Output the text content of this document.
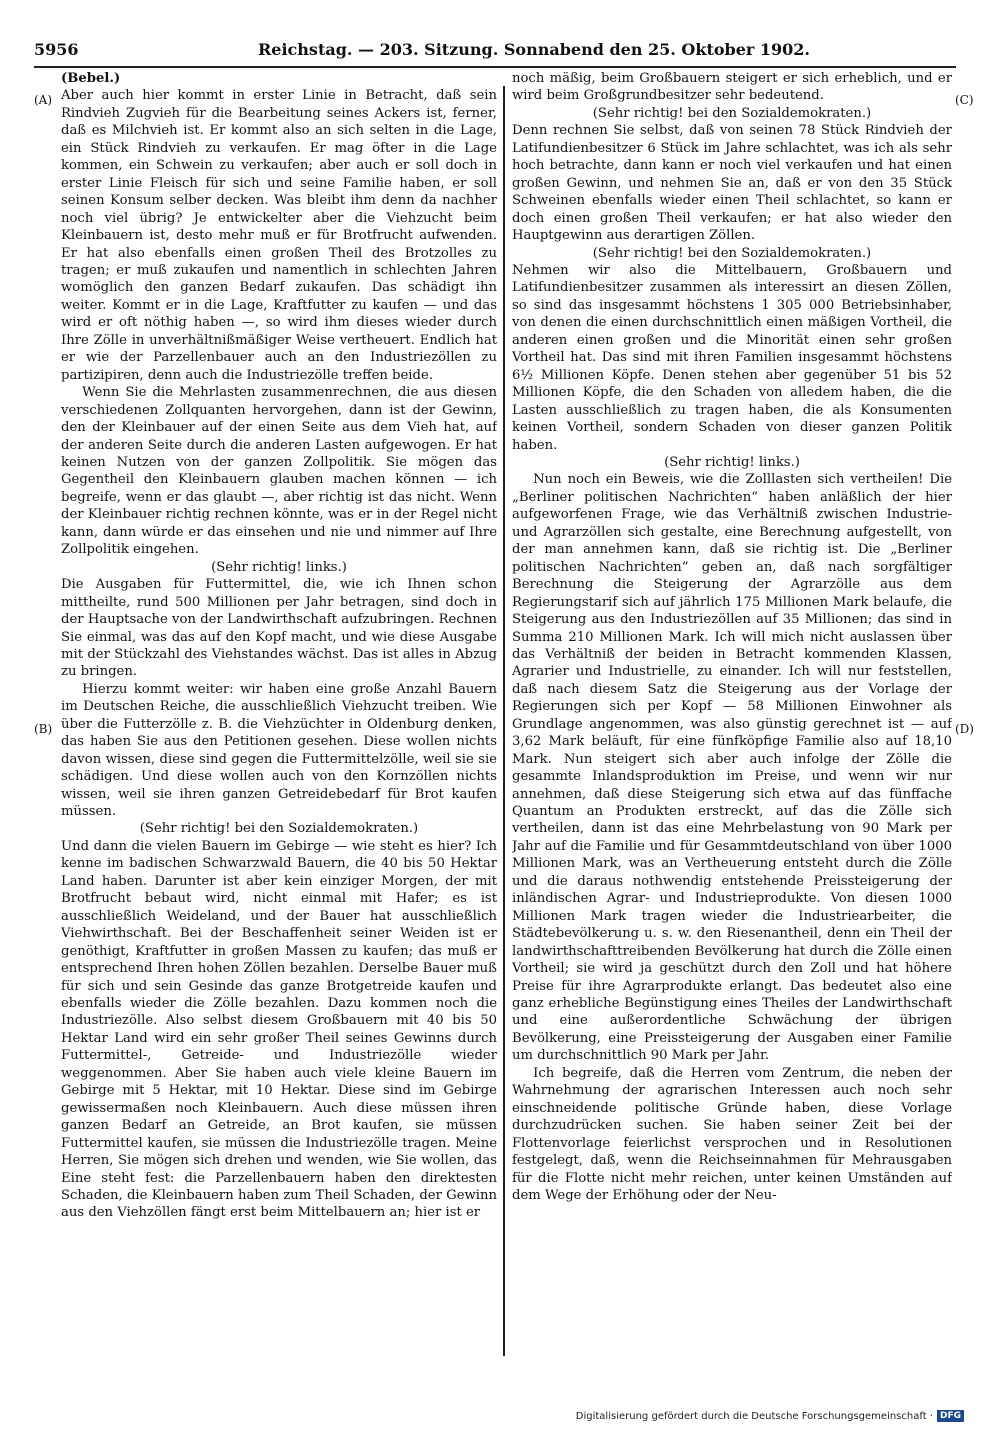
5956	Reichstag. — 203. Sitzung. Sonnabend den 25. Oktober 1902.
(A)
(B)
(C)
(D)

(Bebel.)

Aber auch hier kommt in erster Linie in Betracht, daß sein Rindvieh Zugvieh für die Bearbeitung seines Ackers ist, ferner, daß es Milchvieh ist. Er kommt also an sich selten in die Lage, ein Stück Rindvieh zu verkaufen. Er mag öfter in die Lage kommen, ein Schwein zu verkaufen; aber auch er soll doch in erster Linie Fleisch für sich und seine Familie haben, er soll seinen Konsum selber decken. Was bleibt ihm denn da nachher noch viel übrig? Je entwickelter aber die Viehzucht beim Kleinbauern ist, desto mehr muß er für Brotfrucht aufwenden. Er hat also ebenfalls einen großen Theil des Brotzolles zu tragen; er muß zukaufen und namentlich in schlechten Jahren womöglich den ganzen Bedarf zukaufen. Das schädigt ihn weiter. Kommt er in die Lage, Kraftfutter zu kaufen — und das wird er oft nöthig haben —, so wird ihm dieses wieder durch Ihre Zölle in unverhältnißmäßiger Weise vertheuert. Endlich hat er wie der Parzellenbauer auch an den Industriezöllen zu partizipiren, denn auch die Industriezölle treffen beide.

Wenn Sie die Mehrlasten zusammenrechnen, die aus diesen verschiedenen Zollquanten hervorgehen, dann ist der Gewinn, den der Kleinbauer auf der einen Seite aus dem Vieh hat, auf der anderen Seite durch die anderen Lasten aufgewogen. Er hat keinen Nutzen von der ganzen Zollpolitik. Sie mögen das Gegentheil den Kleinbauern glauben machen können — ich begreife, wenn er das glaubt —, aber richtig ist das nicht. Wenn der Kleinbauer richtig rechnen könnte, was er in der Regel nicht kann, dann würde er das einsehen und nie und nimmer auf Ihre Zollpolitik eingehen.

(Sehr richtig! links.)

Die Ausgaben für Futtermittel, die, wie ich Ihnen schon mittheilte, rund 500 Millionen per Jahr betragen, sind doch in der Hauptsache von der Landwirthschaft aufzubringen. Rechnen Sie einmal, was das auf den Kopf macht, und wie diese Ausgabe mit der Stückzahl des Viehstandes wächst. Das ist alles in Abzug zu bringen.

Hierzu kommt weiter: wir haben eine große Anzahl Bauern im Deutschen Reiche, die ausschließlich Viehzucht treiben. Wie über die Futterzölle z. B. die Viehzüchter in Oldenburg denken, das haben Sie aus den Petitionen gesehen. Diese wollen nichts davon wissen, diese sind gegen die Futtermittelzölle, weil sie sie schädigen. Und diese wollen auch von den Kornzöllen nichts wissen, weil sie ihren ganzen Getreidebedarf für Brot kaufen müssen.

(Sehr richtig! bei den Sozialdemokraten.)

Und dann die vielen Bauern im Gebirge — wie steht es hier? Ich kenne im badischen Schwarzwald Bauern, die 40 bis 50 Hektar Land haben. Darunter ist aber kein einziger Morgen, der mit Brotfrucht bebaut wird, nicht einmal mit Hafer; es ist ausschließlich Weideland, und der Bauer hat ausschließlich Viehwirthschaft. Bei der Beschaffenheit seiner Weiden ist er genöthigt, Kraftfutter in großen Massen zu kaufen; das muß er entsprechend Ihren hohen Zöllen bezahlen. Derselbe Bauer muß für sich und sein Gesinde das ganze Brotgetreide kaufen und ebenfalls wieder die Zölle bezahlen. Dazu kommen noch die Industriezölle. Also selbst diesem Großbauern mit 40 bis 50 Hektar Land wird ein sehr großer Theil seines Gewinns durch Futtermittel-, Getreide- und Industriezölle wieder weggenommen. Aber Sie haben auch viele kleine Bauern im Gebirge mit 5 Hektar, mit 10 Hektar. Diese sind im Gebirge gewissermaßen noch Kleinbauern. Auch diese müssen ihren ganzen Bedarf an Getreide, an Brot kaufen, sie müssen Futtermittel kaufen, sie müssen die Industriezölle tragen. Meine Herren, Sie mögen sich drehen und wenden, wie Sie wollen, das Eine steht fest: die Parzellenbauern haben den direktesten Schaden, die Kleinbauern haben zum Theil Schaden, der Gewinn aus den Viehzöllen fängt erst beim Mittelbauern an; hier ist er

noch mäßig, beim Großbauern steigert er sich erheblich, und er wird beim Großgrundbesitzer sehr bedeutend.

(Sehr richtig! bei den Sozialdemokraten.)

Denn rechnen Sie selbst, daß von seinen 78 Stück Rindvieh der Latifundienbesitzer 6 Stück im Jahre schlachtet, was ich als sehr hoch betrachte, dann kann er noch viel verkaufen und hat einen großen Gewinn, und nehmen Sie an, daß er von den 35 Stück Schweinen ebenfalls wieder einen Theil schlachtet, so kann er doch einen großen Theil verkaufen; er hat also wieder den Hauptgewinn aus derartigen Zöllen.

(Sehr richtig! bei den Sozialdemokraten.)

Nehmen wir also die Mittelbauern, Großbauern und Latifundienbesitzer zusammen als interessirt an diesen Zöllen, so sind das insgesammt höchstens 1 305 000 Betriebsinhaber, von denen die einen durchschnittlich einen mäßigen Vortheil, die anderen einen großen und die Minorität einen sehr großen Vortheil hat. Das sind mit ihren Familien insgesammt höchstens 6½ Millionen Köpfe. Denen stehen aber gegenüber 51 bis 52 Millionen Köpfe, die den Schaden von alledem haben, die die Lasten ausschließlich zu tragen haben, die als Konsumenten keinen Vortheil, sondern Schaden von dieser ganzen Politik haben.

(Sehr richtig! links.)

Nun noch ein Beweis, wie die Zolllasten sich vertheilen! Die „Berliner politischen Nachrichten“ haben anläßlich der hier aufgeworfenen Frage, wie das Verhältniß zwischen Industrie- und Agrarzöllen sich gestalte, eine Berechnung aufgestellt, von der man annehmen kann, daß sie richtig ist. Die „Berliner politischen Nachrichten“ geben an, daß nach sorgfältiger Berechnung die Steigerung der Agrarzölle aus dem Regierungstarif sich auf jährlich 175 Millionen Mark belaufe, die Steigerung aus den Industriezöllen auf 35 Millionen; das sind in Summa 210 Millionen Mark. Ich will mich nicht auslassen über das Verhältniß der beiden in Betracht kommenden Klassen, Agrarier und Industrielle, zu einander. Ich will nur feststellen, daß nach diesem Satz die Steigerung aus der Vorlage der Regierungen sich per Kopf — 58 Millionen Einwohner als Grundlage angenommen, was also günstig gerechnet ist — auf 3,62 Mark beläuft, für eine fünfköpfige Familie also auf 18,10 Mark. Nun steigert sich aber auch infolge der Zölle die gesammte Inlandsproduktion im Preise, und wenn wir nur annehmen, daß diese Steigerung sich etwa auf das fünffache Quantum an Produkten erstreckt, auf das die Zölle sich vertheilen, dann ist das eine Mehrbelastung von 90 Mark per Jahr auf die Familie und für Gesammtdeutschland von über 1000 Millionen Mark, was an Vertheuerung entsteht durch die Zölle und die daraus nothwendig entstehende Preissteigerung der inländischen Agrar- und Industrieprodukte. Von diesen 1000 Millionen Mark tragen wieder die Industriearbeiter, die Städtebevölkerung u. s. w. den Riesenantheil, denn ein Theil der landwirthschafttreibenden Bevölkerung hat durch die Zölle einen Vortheil; sie wird ja geschützt durch den Zoll und hat höhere Preise für ihre Agrarprodukte erlangt. Das bedeutet also eine ganz erhebliche Begünstigung eines Theiles der Landwirthschaft und eine außerordentliche Schwächung der übrigen Bevölkerung, eine Preissteigerung der Ausgaben einer Familie um durchschnittlich 90 Mark per Jahr.

Ich begreife, daß die Herren vom Zentrum, die neben der Wahrnehmung der agrarischen Interessen auch noch sehr einschneidende politische Gründe haben, diese Vorlage durchzudrücken suchen. Sie haben seiner Zeit bei der Flottenvorlage feierlichst versprochen und in Resolutionen festgelegt, daß, wenn die Reichseinnahmen für Mehrausgaben für die Flotte nicht mehr reichen, unter keinen Umständen auf dem Wege der Erhöhung oder der Neu-

Digitalisierung gefördert durch die Deutsche Forschungsgemeinschaft · DFG
